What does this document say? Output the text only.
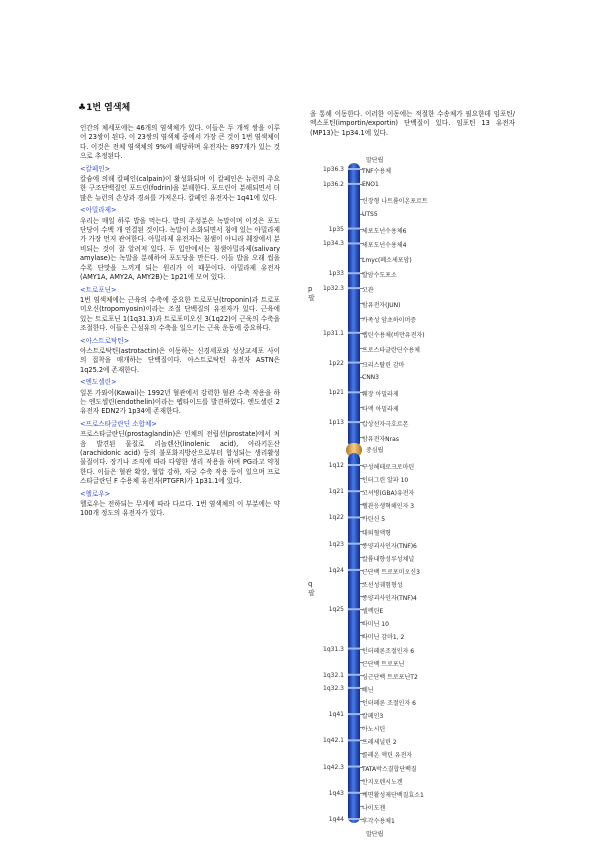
♣1번 염색체

인간의 체세포에는 46개의 염색체가 있다. 이들은 두 개씩 쌍을 이루어 23쌍이 된다. 이 23쌍의 염색체 중에서 가장 큰 것이 1번 염색체이다. 이것은 전체 염색체의 9%에 해당하며 유전자는 897개가 있는 것으로 추정된다.

<칼페인>

칼슘에 의해 칼페인(calpain)이 활성화되며 이 칼페인은 뉴런의 주요한 구조단백질인 포드린(fodrin)을 분해한다. 포드린이 분해되면서 더 많은 뉴런의 손상과 경쇠를 가져온다. 칼페인 유전자는 1q41에 있다.

<아밀라제>

우리는 매일 하루 밥을 먹는다. 밥의 주성분은 녹말이며 이것은 포도 단당이 수백 개 연결된 것이다. 녹말이 소화되면서 침에 있는 아밀라제가 가장 먼저 관여한다. 아밀라제 유전자는 침샘이 아니라 췌장에서 분비되는 것이 잘 알려져 있다. 두 입안에서는 침샘아밀라제(salivary amylase)는 녹말을 분해하여 포도당을 만든다. 이들 밥을 오래 씹을수록 단맛을 느끼게 되는 원리가 이 때문이다. 아밀라제 유전자 (AMY1A, AMY2A, AMY2B)는 1p21에 모여 있다.

<트로포닌>

1번 염색체에는 근육의 수축에 중요한 트로포닌(troponin)과 트로포미오신(tropomyosin)이라는 조절 단백질의 유전자가 있다. 근육에 있는 트로포닌 1(1q31.3)과 트로포미오신 3(1q22)이 근육의 수축을 조절한다. 이들은 근섬유의 수축을 일으키는 근육 운동에 중요하다.

<아스트로탁틴>

아스트로탁틴(astrotactin)은 이동하는 신경세포와 성상교세포 사이의 접착을 매개하는 단백질이다. 아스트로탁틴 유전자 ASTN은 1q25.2에 존재한다.

<엔도셀린>

일본 가와이(Kawai)는 1992년 혈관에서 강력한 혈관 수축 작용을 하는 엔도셀린(endothelin)이라는 펩타이드를 발견하였다. 엔도셀린 2 유전자 EDN2가 1p34에 존재한다.

<프로스타글란딘 소합체>

프로스타글란딘(prostaglandin)은 인체의 전립선(prostate)에서 처음 발견된 물질로 리놀렌산(linolenic acid), 아라키돈산(arachidonic acid) 등의 불포화지방산으로부터 합성되는 생리활성물질이다. 장기나 조직에 따라 다양한 생리 작용을 하며 PG라고 약칭한다. 이들은 혈관 확장, 혈압 강하, 자궁 수축 작용 등이 있으며 프로스타글란딘 F 수용체 유전자(PTGFR)가 1p31.1에 있다.

<헬로우>

헬로우는 전하되는 무게에 따라 다르다. 1번 염색체의 이 부분에는 약 100개 정도의 유전자가 있다.

을 통해 이동한다. 이러한 이동에는 적절한 수송체가 필요한데 임포틴/엑스포틴(importin/exportin) 단백질이 있다. 임포틴 13 유전자(MP13)는 1p34.1에 있다.
말단립
말단립
중심립
p
팔
q
팔
TNF수용체
1p36.3
ENO1
1p36.2
신장형 나트륨이온포르트
UTS5
세포도넌수용체6
1p35
세포도넌수용체4
1p34.3
Lmyc(폐소세포암)
발암수도포소
1p33
고관
1p32.3
암유전자(JUN)
가족성 암초하이머증
렙틴수용체(비만유전자)
1p31.1
프로스타글란딘수용체
크리스탈린 감마
1p22
CNN3
췌장 아밀라제
1p21
타액 아밀라제
갑상선자극호르몬
1p13
암유전자Nras
구성헤테로크로마틴
1q12
인터그린 알파 10
고셔병(GBA)유전자
1q21
헬관응생혁해인자 3
카틴신 5
1q22
대퇴혈액형
종양괴사인자(TNF)6
1q23
칼륨내향성루성채널
근단백 트로포미오신3
1q24
조선성궤험형성
종양괴사인자(TNF)4
셀렉틴E
1q25
라미닌 10
라미닌 감마1, 2
인터페론조절인자 6
1q31.3
근단백 트로포닌
심근단백 트로포닌T2
1q32.1
레닌
1q32.3
인터페론 조절인자 6
칼페인3
1q41
아노시틴
프레세닐린 2
1q42.1
콜레온 액틴 유전자
TATA박스결합단백질
1q42.3
안지오텐시노겐
계면활성제단백질효소1
1q43
나이도젠
후각수용체1
1q44
